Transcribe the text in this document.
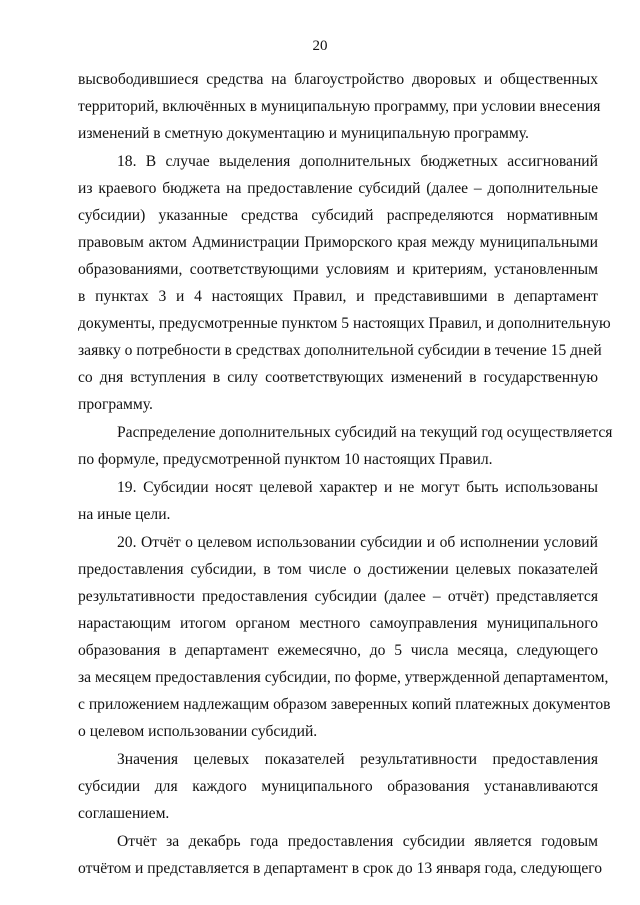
20
высвободившиеся средства на благоустройство дворовых и общественных
территорий, включённых в муниципальную программу, при условии внесения
изменений в сметную документацию и муниципальную программу.
18. В случае выделения дополнительных бюджетных ассигнований
из краевого бюджета на предоставление субсидий (далее – дополнительные
субсидии) указанные средства субсидий распределяются нормативным
правовым актом Администрации Приморского края между муниципальными
образованиями, соответствующими условиям и критериям, установленным
в пунктах 3 и 4 настоящих Правил, и представившими в департамент
документы, предусмотренные пунктом 5 настоящих Правил, и дополнительную
заявку о потребности в средствах дополнительной субсидии в течение 15 дней
со дня вступления в силу соответствующих изменений в государственную
программу.
Распределение дополнительных субсидий на текущий год осуществляется
по формуле, предусмотренной пунктом 10 настоящих Правил.
19. Субсидии носят целевой характер и не могут быть использованы
на иные цели.
20. Отчёт о целевом использовании субсидии и об исполнении условий
предоставления субсидии, в том числе о достижении целевых показателей
результативности предоставления субсидии (далее – отчёт) представляется
нарастающим итогом органом местного самоуправления муниципального
образования в департамент ежемесячно, до 5 числа месяца, следующего
за месяцем предоставления субсидии, по форме, утвержденной департаментом,
с приложением надлежащим образом заверенных копий платежных документов
о целевом использовании субсидий.
Значения целевых показателей результативности предоставления
субсидии для каждого муниципального образования устанавливаются
соглашением.
Отчёт за декабрь года предоставления субсидии является годовым
отчётом и представляется в департамент в срок до 13 января года, следующего
